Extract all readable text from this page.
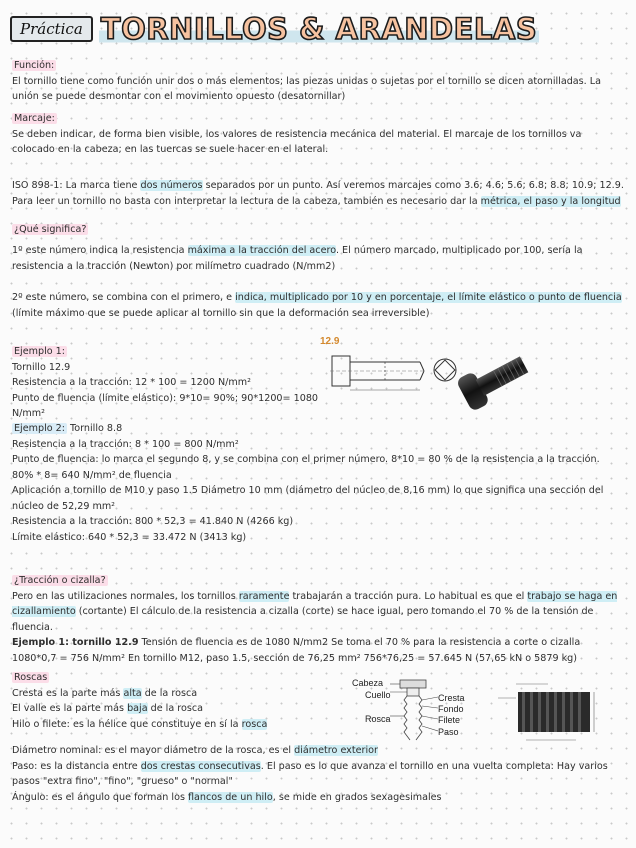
Práctica TORNILLOS & ARANDELAS
Función:
El tornillo tiene como función unir dos o más elementos; las piezas unidas o sujetas por el tornillo se dicen atornilladas. La unión se puede desmontar con el movimiento opuesto (desatornillar)
Marcaje:
Se deben indicar, de forma bien visible, los valores de resistencia mecánica del material. El marcaje de los tornillos va colocado en la cabeza; en las tuercas se suele hacer en el lateral.
ISO 898-1: La marca tiene dos números separados por un punto. Así veremos marcajes como 3.6; 4.6; 5.6; 6.8; 8.8; 10.9; 12.9. Para leer un tornillo no basta con interpretar la lectura de la cabeza, también es necesario dar la métrica, el paso y la longitud
¿Qué significa?
1º este número indica la resistencia máxima a la tracción del acero. El número marcado, multiplicado por 100, sería la resistencia a la tracción (Newton) por milímetro cuadrado (N/mm2)
2º este número, se combina con el primero, e indica, multiplicado por 10 y en porcentaje, el límite elástico o punto de fluencia (límite máximo que se puede aplicar al tornillo sin que la deformación sea irreversible)
Ejemplo 1:
Tornillo 12.9
Resistencia a la tracción: 12 * 100 = 1200 N/mm²
Punto de fluencia (límite elástico): 9*10= 90%; 90*1200= 1080 N/mm²
12.9
Ejemplo 2: Tornillo 8.8
Resistencia a la tracción: 8 * 100 = 800 N/mm²
Punto de fluencia: lo marca el segundo 8, y se combina con el primer número. 8*10 = 80 % de la resistencia a la tracción. 80% * 8= 640 N/mm² de fluencia
Aplicación a tornillo de M10 y paso 1.5 Diámetro 10 mm (diámetro del núcleo de 8,16 mm) lo que significa una sección del núcleo de 52,29 mm²
Resistencia a la tracción: 800 * 52,3 = 41.840 N (4266 kg)
Límite elástico: 640 * 52,3 = 33.472 N (3413 kg)
¿Tracción o cizalla?
Pero en las utilizaciones normales, los tornillos raramente trabajarán a tracción pura. Lo habitual es que el trabajo se haga en cizallamiento (cortante) El cálculo de la resistencia a cizalla (corte) se hace igual, pero tomando el 70 % de la tensión de fluencia.
Ejemplo 1: tornillo 12.9 Tensión de fluencia es de 1080 N/mm2 Se toma el 70 % para la resistencia a corte o cizalla 1080*0,7 = 756 N/mm² En tornillo M12, paso 1.5, sección de 76,25 mm² 756*76,25 = 57.645 N (57,65 kN o 5879 kg)
Roscas
Cresta es la parte más alta de la rosca
El valle es la parte más baja de la rosca
Hilo o filete: es la hélice que constituye en sí la rosca
Diámetro nominal: es el mayor diámetro de la rosca, es el diámetro exterior
Paso: es la distancia entre dos crestas consecutivas. El paso es lo que avanza el tornillo en una vuelta completa: Hay varios pasos "extra fino", "fino", "grueso" o "normal"
Ángulo: es el ángulo que forman los flancos de un hilo, se mide en grados sexagesimales
Cabeza
Cuello
Rosca
Cresta
Fondo
Filete
Paso
